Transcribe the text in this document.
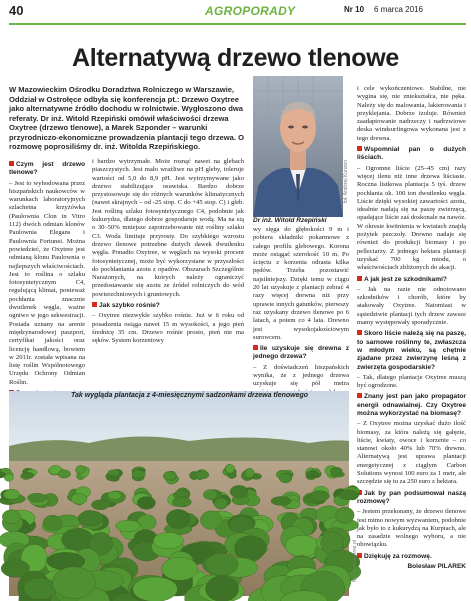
40	AGROPORADY	Nr 10 6 marca 2016
Alternatywą drzewo tlenowe
W Mazowieckim Ośrodku Doradztwa Rolniczego w Warszawie, Oddział w Ostrołęce odbyła się konferencja pt.: Drzewo Oxytree jako alternatywne źródło dochodu w rolnictwie. Wygłoszono dwa referaty. Dr inż. Witold Rzepiński omówił właściwości drzewa Oxytree (drzewo tlenowe), a Marek Szponder – warunki przyrodniczo-ekonomiczne prowadzenia plantacji tego drzewa. O rozmowę poprosiliśmy dr. inż. Witolda Rzepińskiego.
fot. Andrzej Kunzen
Dr inż. Witold Rzepiński
Czym jest drzewo tlenowe?
– Jest to wyhodowana przez hiszpańskich naukowców w warunkach laboratoryjnych szlachetna krzyżówka (Paulownia Clon in Vitro 112) dwóch odmian klonów Paulownia Elegans i Paulownia Fortunei. Można powiedzieć, że Oxytree jest odmianą klonu Paulownia o najlepszych właściwościach. Jest to roślina o szlaku fotosyntetycznym C4, regulującą klimat, ponieważ pochłania znacznie dwutlenek węgla, ważne ogniwo w jego sekwestracji. Posiada uznany na arenie międzynarodowej paszport, certyfikat jakości oraz licencję handlową, bowiem w 2011r. została wpisana na listę roślin Wspólnotowego Urzędu Ochrony Odmian Roślin.
i bardzo wytrzymałe. Może rosnąć nawet na glebach piaszczystych. Jest mało wrażliwe na pH gleby, toleruje wartości od 5,0 do 8,9 pH. Jest wytrzymywane jako drzewo stabilizujące osuwiska. Bardzo dobrze przystosowuje się do różnych warunków klimatycznych (nawet skrajnych – od -25 stop. C do +45 stop. C) i gleb. Jest rośliną szlaku fotosyntetycznego C4, podobnie jak kukurydza, dlatego dobrze gospodaruje wodą. Ma na sią o 30–50% mniejsze zapotrzebowanie niż rośliny szlaku C3. Woda limituje przyrosty. Do szybkiego wzrostu drzewo tlenowe potrzebne dużych dawek dwutlenku węgla. Ponadto Oxytree, w węglach na wysoki procent fotosyntetycznej, może być wykorzystane w przyszłości do pochłaniania azotu z opadów. Obszarach Szczególnie Narażonych, na których należy ograniczyć przedostawanie się azotu ze źródeł rolniczych do wód powierzchniowych i gruntowych.
Jak szybko rośnie?
– Oxytree niezwykle szybko rośnie. Już w 6 roku od posadzenia osiąga nawet 15 m wysokości, a jego pień średnicę 35 cm. Drzewo rośnie prosto, pień nie ma sęków. System korzeniowy
wy sięga do głębokości 9 m i pobiera składniki pokarmowe z całego profilu glebowego. Korona może osiągać szerokość 10 m. Po ścięciu z korzenia odrasta kilka pędów. Trzeba pozostawić najsilniejszy. Dzięki temu w ciągu 20 lat uzyskuje z plantacji zebrać 4 razy więcej drewna niż przy uprawie innych gatunków, pierwszy raz uzyskany drzewo tlenowe po 6 latach, a potem co 4 lata. Drewno jest wysokojakościowym surowcem.
Ile uzyskuje się drewna z jednego drzewa?
– Z doświadczeń hiszpańskich wynika, że z jednego drzewa uzyskuje się pół metra
i cele wykończeniowe. Stabilne, nie wygina się, nie zniekształca, nie pęka. Należy się do malowania, lakierowania i przyklejania. Dobrze izoluje. Również zaadaptowanie nadrzeczy i nadrzwiowe deska windsurfingowa wykonana jest z tego drewna.
Wspomniał pan o dużych liściach.
– Ogromne liście (25–45 cm) razy więcej tlenu niż inne drzewa liściaste. Roczna listkowa plantacja 5 tyś. drzew pochłania ok. 100 ton dwutlenku węgla. Liście dzięki wysokiej zawartości azotu, idealnie nadają się na paszę zwierzęcą, opadające liście zaś doskonale na nawóz. W okresie kwitnienia w kwiatach znajdą pożytek pszczoły. Drewno nadaje się również do produkcji biomasy i po pelleciarzy. Z jednego hektara plantacji uzyskać 700 kg miodu, o właściwościach zbliżonych do akacji.
A jak jest ze szkodnikami?
– Jak na razie nie odnotowano szkodników i chorób, które by atakowały Oxytree. Natomiast w sąsiedztwie plantacji tych drzew zawsze mamy występowały sporadycznie.
Skoro liście należą się na paszę, to sarnowe roślinny te, zwłaszcza w młodym wieku, są chętnie zjadane przez zwierzynę leśną z zwierzęta gospodarskie?
– Tak, dlatego plantacje Oxytree muszą być ogrodzone.
Znany jest pan jako propagator energii odnawialnej. Czy Oxytree można wykorzystać na biomasę?
– Z Oxytree można uzyskać dużo ilość biomasy, za która należą się gałęzie, liście, kwiaty, owoce i korzenie – co stanowi około 40% lub 70% drewno. Alternatywą jest uprawa plantacji energetycznej z ciągłym Carbon Solutions wynosi 100 euro za 1 metr, ale szczędzie się tu za 250 euro z hektara.
Jak by pan podsumował naszą rozmowę?
– Jestem przekonany, że drzewo tlenowe jest mimo nowym wyzwaniem, podobnie jak było to z kukurydzą na Kurpiach, ale na zasadzie wolnego wyboru, a nie obowiązku.
Dziękuję za rozmowę.
Bolesław PILAREK
Tak wygląda plantacja z 4-miesięcznymi sadzonkami drzewa tlenowego
fot. www.oxytree.pl
